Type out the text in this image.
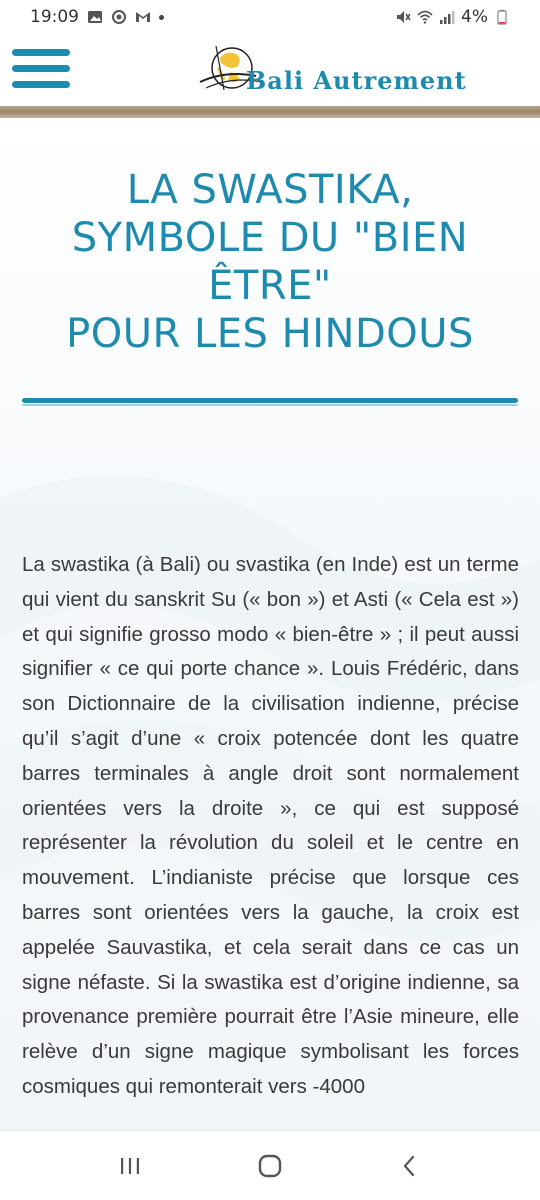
19:09	4%
Bali Autrement
LA SWASTIKA,
SYMBOLE DU "BIEN
ÊTRE"
POUR LES HINDOUS

La swastika (à Bali) ou svastika (en Inde) est un terme qui vient du sanskrit Su (« bon ») et Asti (« Cela est ») et qui signifie grosso modo « bien-être » ; il peut aussi signifier « ce qui porte chance ». Louis Frédéric, dans son Dictionnaire de la civilisation indienne, précise qu’il s’agit d’une « croix potencée dont les quatre barres terminales à angle droit sont normalement orientées vers la droite », ce qui est supposé représenter la révolution du soleil et le centre en mouvement. L’indianiste précise que lorsque ces barres sont orientées vers la gauche, la croix est appelée Sauvastika, et cela serait dans ce cas un signe néfaste. Si la swastika est d’origine indienne, sa provenance première pourrait être l’Asie mineure, elle relève d’un signe magique symbolisant les forces cosmiques qui remonterait vers -4000
